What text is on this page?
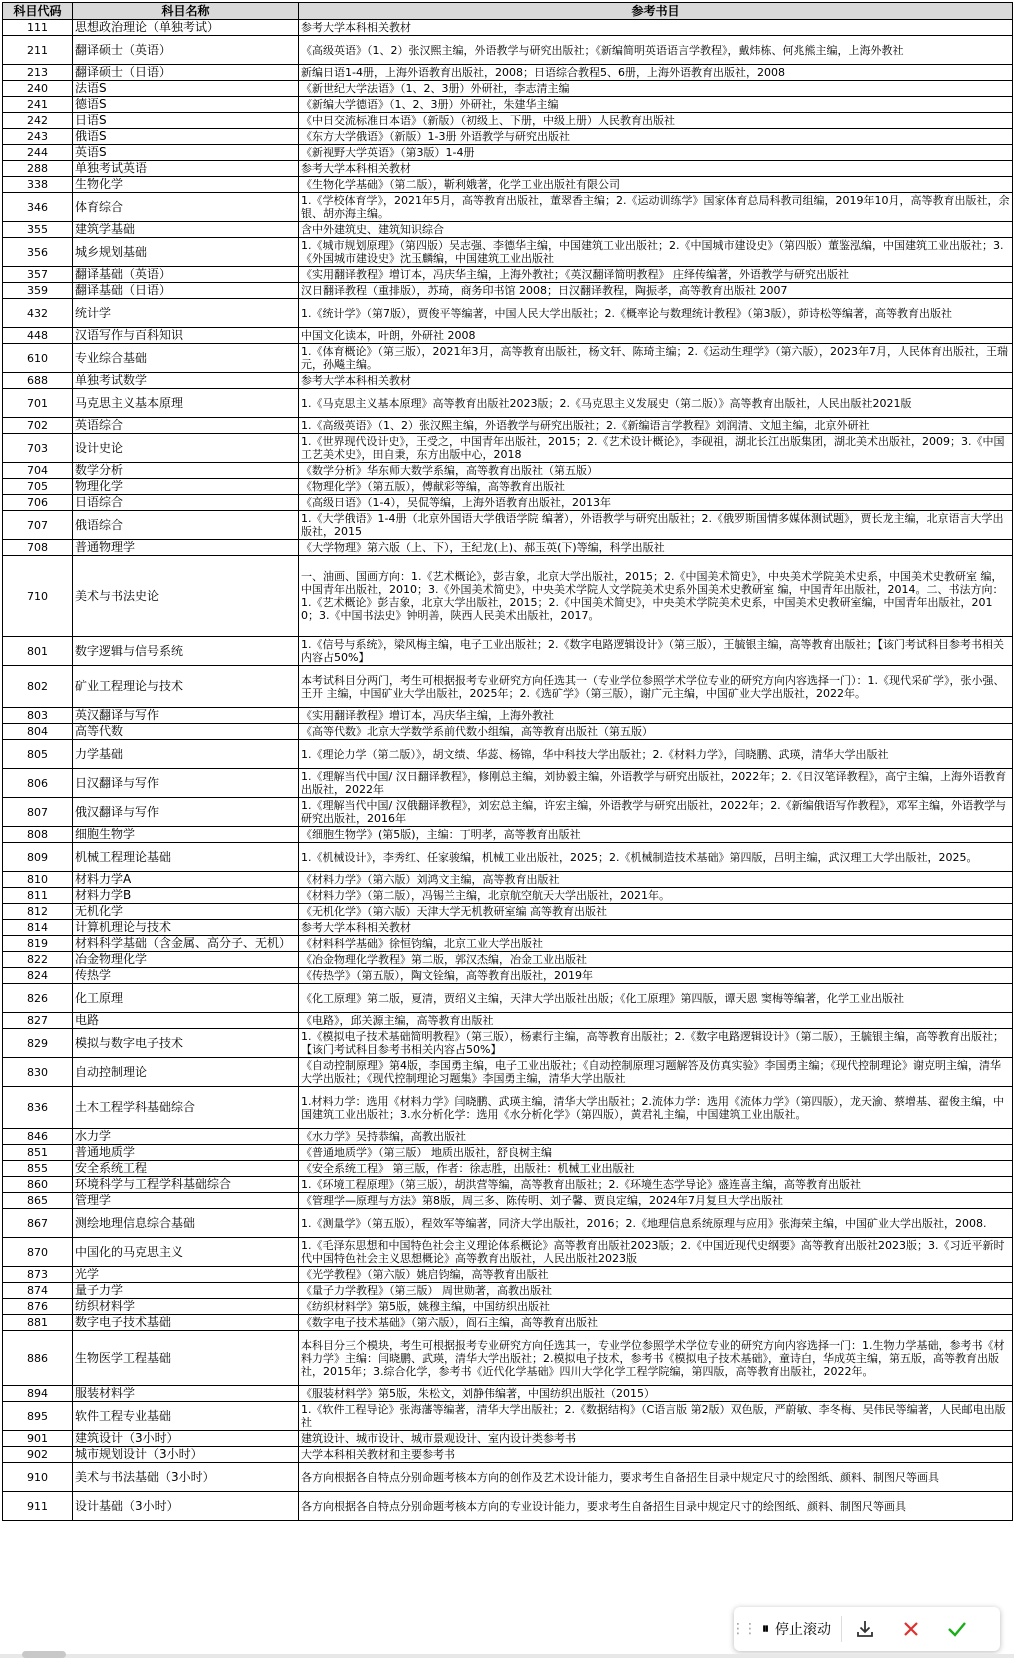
科目代码	科目名称	参考书目
111	思想政治理论（单独考试）	参考大学本科相关教材
211	翻译硕士（英语）	《高级英语》（1、2）张汉熙主编，外语教学与研究出版社；《新编简明英语语言学教程》，戴炜栋、何兆熊主编，上海外教社
213	翻译硕士（日语）	新编日语1-4册，上海外语教育出版社，2008；日语综合教程5、6册，上海外语教育出版社，2008
240	法语S	《新世纪大学法语》（1、2、3册）外研社，李志清主编
241	德语S	《新编大学德语》（1、2、3册）外研社，朱建华主编
242	日语S	《中日交流标准日本语》（新版）（初级上、下册，中级上册）人民教育出版社
243	俄语S	《东方大学俄语》（新版）1-3册 外语教学与研究出版社
244	英语S	《新视野大学英语》（第3版）1-4册
288	单独考试英语	参考大学本科相关教材
338	生物化学	《生物化学基础》（第二版），靳利娥著，化学工业出版社有限公司
346	体育综合	1.《学校体育学》，2021年5月，高等教育出版社，董翠香主编；2.《运动训练学》国家体育总局科教司组编，2019年10月，高等教育出版社，余银、胡亦海主编。
355	建筑学基础	含中外建筑史、建筑知识综合
356	城乡规划基础	1.《城市规划原理》（第四版）吴志强、李德华主编，中国建筑工业出版社；2.《中国城市建设史》（第四版）董鉴泓编，中国建筑工业出版社；3.《外国城市建设史》沈玉麟编，中国建筑工业出版社
357	翻译基础（英语）	《实用翻译教程》增订本，冯庆华主编，上海外教社；《英汉翻译简明教程》 庄绎传编著，外语教学与研究出版社
359	翻译基础（日语）	汉日翻译教程（重排版），苏琦，商务印书馆 2008；日汉翻译教程，陶振孝，高等教育出版社 2007
432	统计学	1.《统计学》（第7版），贾俊平等编著，中国人民大学出版社；2.《概率论与数理统计教程》（第3版），茆诗松等编著，高等教育出版社
448	汉语写作与百科知识	中国文化读本，叶朗，外研社 2008
610	专业综合基础	1.《体育概论》（第三版），2021年3月，高等教育出版社，杨文轩、陈琦主编；2.《运动生理学》（第六版），2023年7月，人民体育出版社，王瑞元，孙飚主编。
688	单独考试数学	参考大学本科相关教材
701	马克思主义基本原理	1.《马克思主义基本原理》高等教育出版社2023版；2.《马克思主义发展史（第二版）》高等教育出版社，人民出版社2021版
702	英语综合	1.《高级英语》（1、2）张汉熙主编，外语教学与研究出版社；2.《新编语言学教程》刘润清、文旭主编，北京外研社
703	设计史论	1.《世界现代设计史》，王受之，中国青年出版社，2015；2.《艺术设计概论》，李砚祖，湖北长江出版集团，湖北美术出版社，2009；3.《中国工艺美术史》，田自秉，东方出版中心，2018
704	数学分析	《数学分析》华东师大数学系编，高等教育出版社（第五版）
705	物理化学	《物理化学》（第五版），傅献彩等编，高等教育出版社
706	日语综合	《高级日语》（1-4），吴侃等编，上海外语教育出版社，2013年
707	俄语综合	1.《大学俄语》1-4册（北京外国语大学俄语学院 编著），外语教学与研究出版社；2.《俄罗斯国情多媒体测试题》，贾长龙主编，北京语言大学出版社，2015
708	普通物理学	《大学物理》第六版（上、下），王纪龙(上)、郝玉英(下)等编，科学出版社
710	美术与书法史论	一、油画、国画方向：1.《艺术概论》，彭吉象，北京大学出版社，2015；2.《中国美术简史》，中央美术学院美术史系，中国美术史教研室 编，中国青年出版社，2010；3.《外国美术简史》，中央美术学院人文学院美术史系外国美术史教研室 编，中国青年出版社，2014。二、书法方向：1.《艺术概论》彭吉象，北京大学出版社，2015；2.《中国美术简史》，中央美术学院美术史系，中国美术史教研室编，中国青年出版社，2010；3.《中国书法史》钟明善，陕西人民美术出版社，2017。
801	数字逻辑与信号系统	1.《信号与系统》，梁风梅主编，电子工业出版社；2.《数字电路逻辑设计》（第三版），王毓银主编，高等教育出版社；【该门考试科目参考书相关内容占50%】
802	矿业工程理论与技术	本考试科目分两门，考生可根据报考专业研究方向任选其一（专业学位参照学术学位专业的研究方向内容选择一门）：1.《现代采矿学》，张小强、王开 主编，中国矿业大学出版社，2025年；2.《选矿学》（第三版），谢广元主编，中国矿业大学出版社，2022年。
803	英汉翻译与写作	《实用翻译教程》增订本，冯庆华主编，上海外教社
804	高等代数	《高等代数》北京大学数学系前代数小组编，高等教育出版社（第五版）
805	力学基础	1.《理论力学（第二版）》，胡文绩、华蕊、杨锦，华中科技大学出版社；2.《材料力学》，闫晓鹏、武瑛，清华大学出版社
806	日汉翻译与写作	1.《理解当代中国/ 汉日翻译教程》，修刚总主编，刘协毅主编，外语教学与研究出版社，2022年；2.《日汉笔译教程》，高宁主编，上海外语教育出版社，2022年
807	俄汉翻译与写作	1.《理解当代中国/ 汉俄翻译教程》，刘宏总主编，许宏主编，外语教学与研究出版社，2022年；2.《新编俄语写作教程》，邓军主编，外语教学与研究出版社，2016年
808	细胞生物学	《细胞生物学》(第5版)，主编：丁明孝，高等教育出版社
809	机械工程理论基础	1.《机械设计》，李秀红、任家骏编，机械工业出版社，2025；2.《机械制造技术基础》第四版，吕明主编，武汉理工大学出版社，2025。
810	材料力学A	《材料力学》（第六版）刘鸿文主编，高等教育出版社
811	材料力学B	《材料力学》（第二版），冯锡兰主编，北京航空航天大学出版社，2021年。
812	无机化学	《无机化学》（第六版）天津大学无机教研室编 高等教育出版社
814	计算机理论与技术	参考大学本科相关教材
819	材料科学基础（含金属、高分子、无机）	《材料科学基础》徐恒钧编，北京工业大学出版社
822	冶金物理化学	《冶金物理化学教程》第二版，郭汉杰编，冶金工业出版社
824	传热学	《传热学》（第五版），陶文铨编，高等教育出版社，2019年
826	化工原理	《化工原理》第二版，夏清，贾绍义主编，天津大学出版社出版；《化工原理》第四版，谭天恩 窦梅等编著，化学工业出版社
827	电路	《电路》，邱关源主编，高等教育出版社
829	模拟与数字电子技术	1.《模拟电子技术基础简明教程》（第三版），杨素行主编，高等教育出版社；2.《数字电路逻辑设计》（第二版），王毓银主编，高等教育出版社；【该门考试科目参考书相关内容占50%】
830	自动控制理论	《自动控制原理》第4版，李国勇主编，电子工业出版社；《自动控制原理习题解答及仿真实验》李国勇主编；《现代控制理论》谢克明主编，清华大学出版社；《现代控制理论习题集》李国勇主编，清华大学出版社
836	土木工程学科基础综合	1.材料力学：选用《材料力学》闫晓鹏、武瑛主编，清华大学出版社；2.流体力学：选用《流体力学》（第四版），龙天渝、蔡增基、翟俊主编，中国建筑工业出版社；3.水分析化学：选用《水分析化学》（第四版），黄君礼主编，中国建筑工业出版社。
846	水力学	《水力学》吴持恭编，高教出版社
851	普通地质学	《普通地质学》（第三版） 地质出版社，舒良树主编
855	安全系统工程	《安全系统工程》 第三版，作者：徐志胜，出版社：机械工业出版社
860	环境科学与工程学科基础综合	1.《环境工程原理》（第三版），胡洪营等编，高等教育出版社；2.《环境生态学导论》盛连喜主编，高等教育出版社
865	管理学	《管理学—原理与方法》第8版，周三多、陈传明、刘子馨、贾良定编，2024年7月复旦大学出版社
867	测绘地理信息综合基础	1.《测量学》（第五版），程效军等编著，同济大学出版社，2016；2.《地理信息系统原理与应用》张海荣主编，中国矿业大学出版社，2008.
870	中国化的马克思主义	1.《毛泽东思想和中国特色社会主义理论体系概论》高等教育出版社2023版；2.《中国近现代史纲要》高等教育出版社2023版；3.《习近平新时代中国特色社会主义思想概论》高等教育出版社，人民出版社2023版
873	光学	《光学教程》（第六版）姚启钧编，高等教育出版社
874	量子力学	《量子力学教程》（第三版） 周世勋著，高教出版社
876	纺织材料学	《纺织材料学》第5版，姚穆主编，中国纺织出版社
881	数字电子技术基础	《数字电子技术基础》（第六版），阎石主编，高等教育出版社
886	生物医学工程基础	本科目分三个模块，考生可根据报考专业研究方向任选其一，专业学位参照学术学位专业的研究方向内容选择一门：1.生物力学基础，参考书《材料力学》主编：闫晓鹏、武瑛，清华大学出版社；2.模拟电子技术，参考书《模拟电子技术基础》，童诗白，华成英主编，第五版，高等教育出版社，2015年；3.综合化学，参考书《近代化学基础》四川大学化学工程学院编，第四版，高等教育出版社，2022年。
894	服装材料学	《服装材料学》第5版，朱松文，刘静伟编著，中国纺织出版社（2015）
895	软件工程专业基础	1.《软件工程导论》张海藩等编著，清华大学出版社；2.《数据结构》（C语言版 第2版）双色版，严蔚敏、李冬梅、吴伟民等编著，人民邮电出版社
901	建筑设计（3小时）	建筑设计、城市设计、城市景观设计、室内设计类参考书
902	城市规划设计（3小时）	大学本科相关教材和主要参考书
910	美术与书法基础（3小时）	各方向根据各自特点分别命题考核本方向的创作及艺术设计能力，要求考生自备招生目录中规定尺寸的绘图纸、颜料、制图尺等画具
911	设计基础（3小时）	各方向根据各自特点分别命题考核本方向的专业设计能力，要求考生自备招生目录中规定尺寸的绘图纸、颜料、制图尺等画具
⋮⋮ ⏸ 停止滚动
